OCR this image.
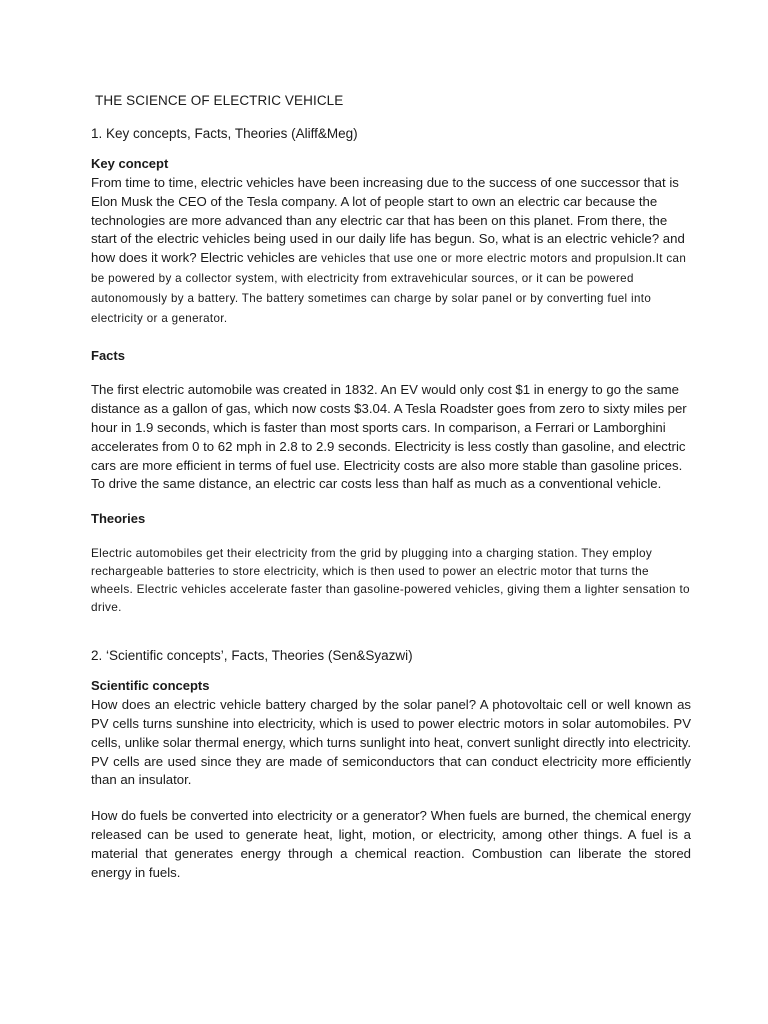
THE SCIENCE OF ELECTRIC VEHICLE
1. Key concepts, Facts, Theories (Aliff&Meg)
Key concept

From time to time, electric vehicles have been increasing due to the success of one successor that is Elon Musk the CEO of the Tesla company. A lot of people start to own an electric car because the technologies are more advanced than any electric car that has been on this planet. From there, the start of the electric vehicles being used in our daily life has begun. So, what is an electric vehicle? and how does it work? Electric vehicles are vehicles that use one or more electric motors and propulsion.It can be powered by a collector system, with electricity from extravehicular sources, or it can be powered autonomously by a battery. The battery sometimes can charge by solar panel or by converting fuel into electricity or a generator.

Facts

The first electric automobile was created in 1832. An EV would only cost $1 in energy to go the same distance as a gallon of gas, which now costs $3.04. A Tesla Roadster goes from zero to sixty miles per hour in 1.9 seconds, which is faster than most sports cars. In comparison, a Ferrari or Lamborghini accelerates from 0 to 62 mph in 2.8 to 2.9 seconds. Electricity is less costly than gasoline, and electric cars are more efficient in terms of fuel use. Electricity costs are also more stable than gasoline prices. To drive the same distance, an electric car costs less than half as much as a conventional vehicle.

Theories

Electric automobiles get their electricity from the grid by plugging into a charging station. They employ rechargeable batteries to store electricity, which is then used to power an electric motor that turns the wheels. Electric vehicles accelerate faster than gasoline-powered vehicles, giving them a lighter sensation to drive.

2. ‘Scientific concepts’, Facts, Theories (Sen&Syazwi)
Scientific concepts

How does an electric vehicle battery charged by the solar panel? A photovoltaic cell or well known as PV cells turns sunshine into electricity, which is used to power electric motors in solar automobiles. PV cells, unlike solar thermal energy, which turns sunlight into heat, convert sunlight directly into electricity. PV cells are used since they are made of semiconductors that can conduct electricity more efficiently than an insulator.

How do fuels be converted into electricity or a generator? When fuels are burned, the chemical energy released can be used to generate heat, light, motion, or electricity, among other things. A fuel is a material that generates energy through a chemical reaction. Combustion can liberate the stored energy in fuels.
